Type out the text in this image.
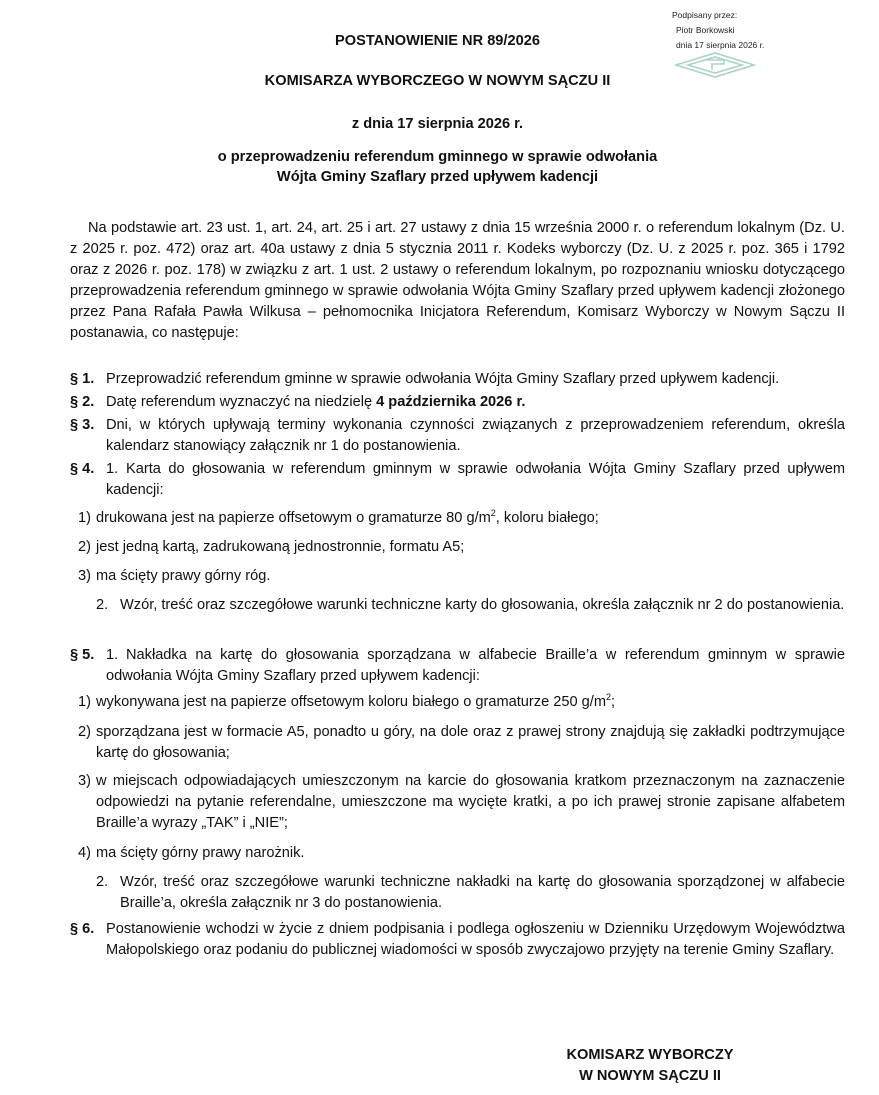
Podpisany przez:
Piotr Borkowski
dnia 17 sierpnia 2026 r.
POSTANOWIENIE NR 89/2026
KOMISARZA WYBORCZEGO W NOWYM SĄCZU II
z dnia 17 sierpnia 2026 r.
o przeprowadzeniu referendum gminnego w sprawie odwołania
Wójta Gminy Szaflary przed upływem kadencji
Na podstawie art. 23 ust. 1, art. 24, art. 25 i art. 27 ustawy z dnia 15 września 2000 r. o referendum lokalnym (Dz. U. z 2025 r. poz. 472) oraz art. 40a ustawy z dnia 5 stycznia 2011 r. Kodeks wyborczy (Dz. U. z 2025 r. poz. 365 i 1792 oraz z 2026 r. poz. 178) w związku z art. 1 ust. 2 ustawy o referendum lokalnym, po rozpoznaniu wniosku dotyczącego przeprowadzenia referendum gminnego w sprawie odwołania Wójta Gminy Szaflary przed upływem kadencji złożonego przez Pana Rafała Pawła Wilkusa – pełnomocnika Inicjatora Referendum, Komisarz Wyborczy w Nowym Sączu II postanawia, co następuje:
§ 1. Przeprowadzić referendum gminne w sprawie odwołania Wójta Gminy Szaflary przed upływem kadencji.
§ 2. Datę referendum wyznaczyć na niedzielę 4 października 2026 r.
§ 3. Dni, w których upływają terminy wykonania czynności związanych z przeprowadzeniem referendum, określa kalendarz stanowiący załącznik nr 1 do postanowienia.
§ 4. 1. Karta do głosowania w referendum gminnym w sprawie odwołania Wójta Gminy Szaflary przed upływem kadencji:
1) drukowana jest na papierze offsetowym o gramaturze 80 $g/m^2$, koloru białego;
2) jest jedną kartą, zadrukowaną jednostronnie, formatu A5;
3) ma ścięty prawy górny róg.
2. Wzór, treść oraz szczegółowe warunki techniczne karty do głosowania, określa załącznik nr 2 do postanowienia.
§ 5. 1. Nakładka na kartę do głosowania sporządzana w alfabecie Braille’a w referendum gminnym w sprawie odwołania Wójta Gminy Szaflary przed upływem kadencji:
1) wykonywana jest na papierze offsetowym koloru białego o gramaturze 250 $g/m^2$;
2) sporządzana jest w formacie A5, ponadto u góry, na dole oraz z prawej strony znajdują się zakładki podtrzymujące kartę do głosowania;
3) w miejscach odpowiadających umieszczonym na karcie do głosowania kratkom przeznaczonym na zaznaczenie odpowiedzi na pytanie referendalne, umieszczone ma wycięte kratki, a po ich prawej stronie zapisane alfabetem Braille’a wyrazy „TAK” i „NIE”;
4) ma ścięty górny prawy narożnik.
2. Wzór, treść oraz szczegółowe warunki techniczne nakładki na kartę do głosowania sporządzonej w alfabecie Braille’a, określa załącznik nr 3 do postanowienia.
§ 6. Postanowienie wchodzi w życie z dniem podpisania i podlega ogłoszeniu w Dzienniku Urzędowym Województwa Małopolskiego oraz podaniu do publicznej wiadomości w sposób zwyczajowo przyjęty na terenie Gminy Szaflary.
KOMISARZ WYBORCZY
W NOWYM SĄCZU II
